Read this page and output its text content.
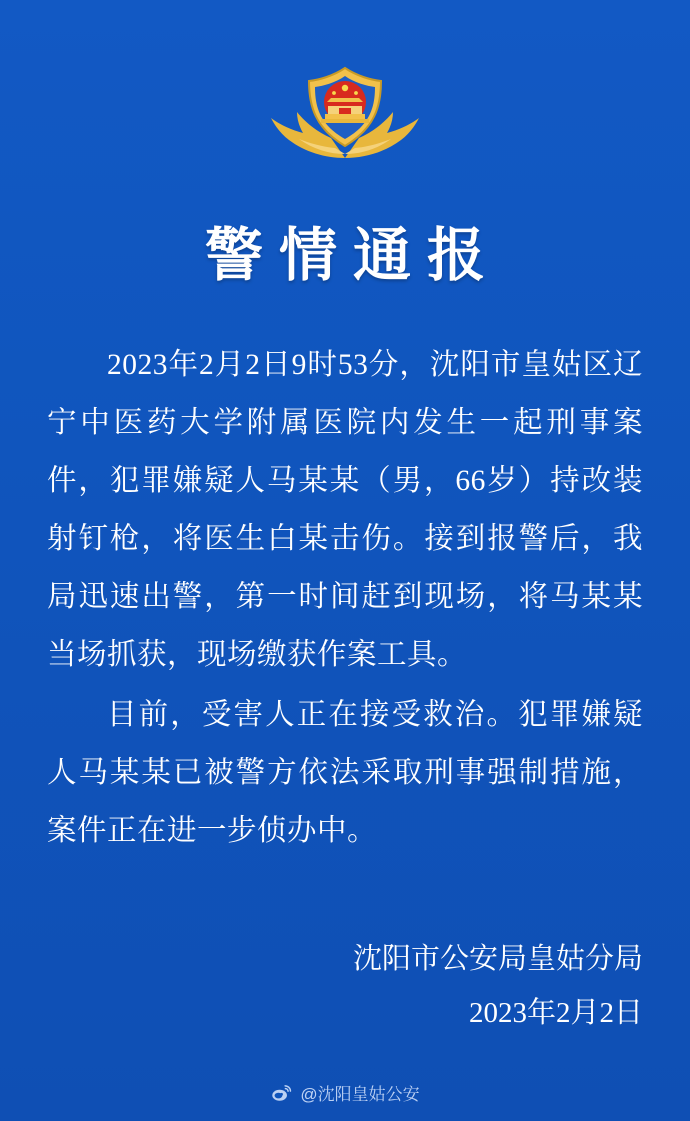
警情通报

2023年2月2日9时53分，沈阳市皇姑区辽宁中医药大学附属医院内发生一起刑事案件，犯罪嫌疑人马某某（男，66岁）持改装射钉枪，将医生白某击伤。接到报警后，我局迅速出警，第一时间赶到现场，将马某某当场抓获，现场缴获作案工具。

目前，受害人正在接受救治。犯罪嫌疑人马某某已被警方依法采取刑事强制措施，案件正在进一步侦办中。

沈阳市公安局皇姑分局
2023年2月2日
@沈阳皇姑公安
